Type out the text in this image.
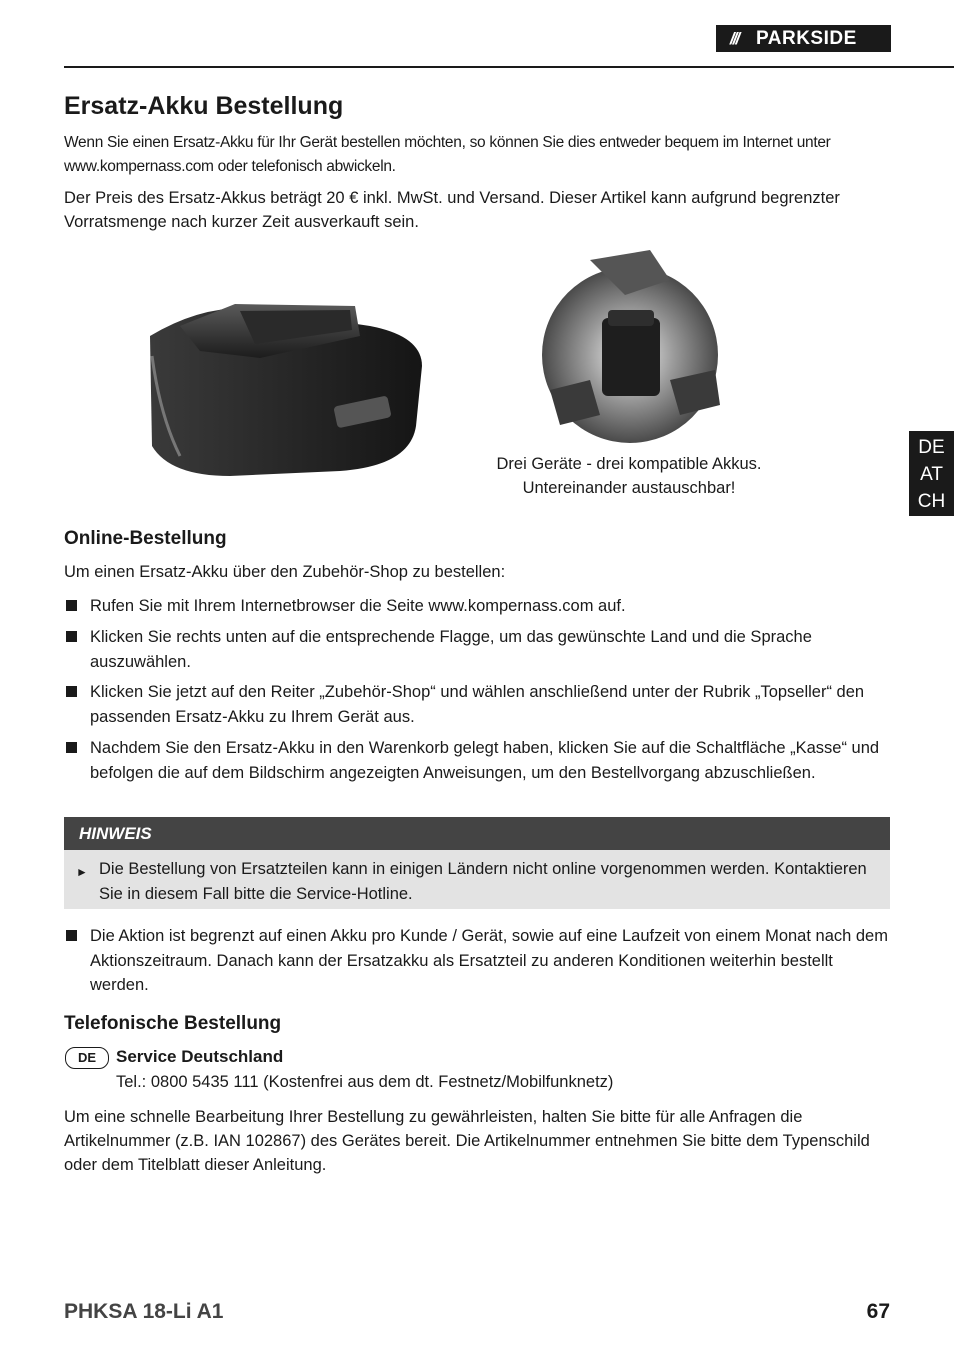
/// PARKSIDE
Ersatz-Akku Bestellung

Wenn Sie einen Ersatz-Akku für Ihr Gerät bestellen möchten, so können Sie dies entweder bequem im Internet unter www.kompernass.com oder telefonisch abwickeln.

Der Preis des Ersatz-Akkus beträgt 20 € inkl. MwSt. und Versand. Dieser Artikel kann aufgrund begrenzter Vorratsmenge nach kurzer Zeit ausverkauft sein.

Drei Geräte - drei kompatible Akkus.
Untereinander austauschbar!
DE
AT
CH
Online-Bestellung

Um einen Ersatz-Akku über den Zubehör-Shop zu bestellen:

Rufen Sie mit Ihrem Internetbrowser die Seite www.kompernass.com auf.
Klicken Sie rechts unten auf die entsprechende Flagge, um das gewünschte Land und die Sprache auszuwählen.
Klicken Sie jetzt auf den Reiter „Zubehör-Shop“ und wählen anschließend unter der Rubrik „Topseller“ den passenden Ersatz-Akku zu Ihrem Gerät aus.
Nachdem Sie den Ersatz-Akku in den Warenkorb gelegt haben, klicken Sie auf die Schaltfläche „Kasse“ und befolgen die auf dem Bildschirm angezeigten Anweisungen, um den Bestellvorgang abzuschließen.
HINWEIS
► Die Bestellung von Ersatzteilen kann in einigen Ländern nicht online vorgenommen werden. Kontaktieren Sie in diesem Fall bitte die Service-Hotline.
Die Aktion ist begrenzt auf einen Akku pro Kunde / Gerät, sowie auf eine Laufzeit von einem Monat nach dem Aktionszeitraum. Danach kann der Ersatzakku als Ersatzteil zu anderen Konditionen weiterhin bestellt werden.
Telefonische Bestellung
DE	Service Deutschland
Tel.: 0800 5435 111 (Kostenfrei aus dem dt. Festnetz/Mobilfunknetz)

Um eine schnelle Bearbeitung Ihrer Bestellung zu gewährleisten, halten Sie bitte für alle Anfragen die Artikelnummer (z.B. IAN 102867) des Gerätes bereit. Die Artikelnummer entnehmen Sie bitte dem Typenschild oder dem Titelblatt dieser Anleitung.

PHKSA 18-Li A1	67
